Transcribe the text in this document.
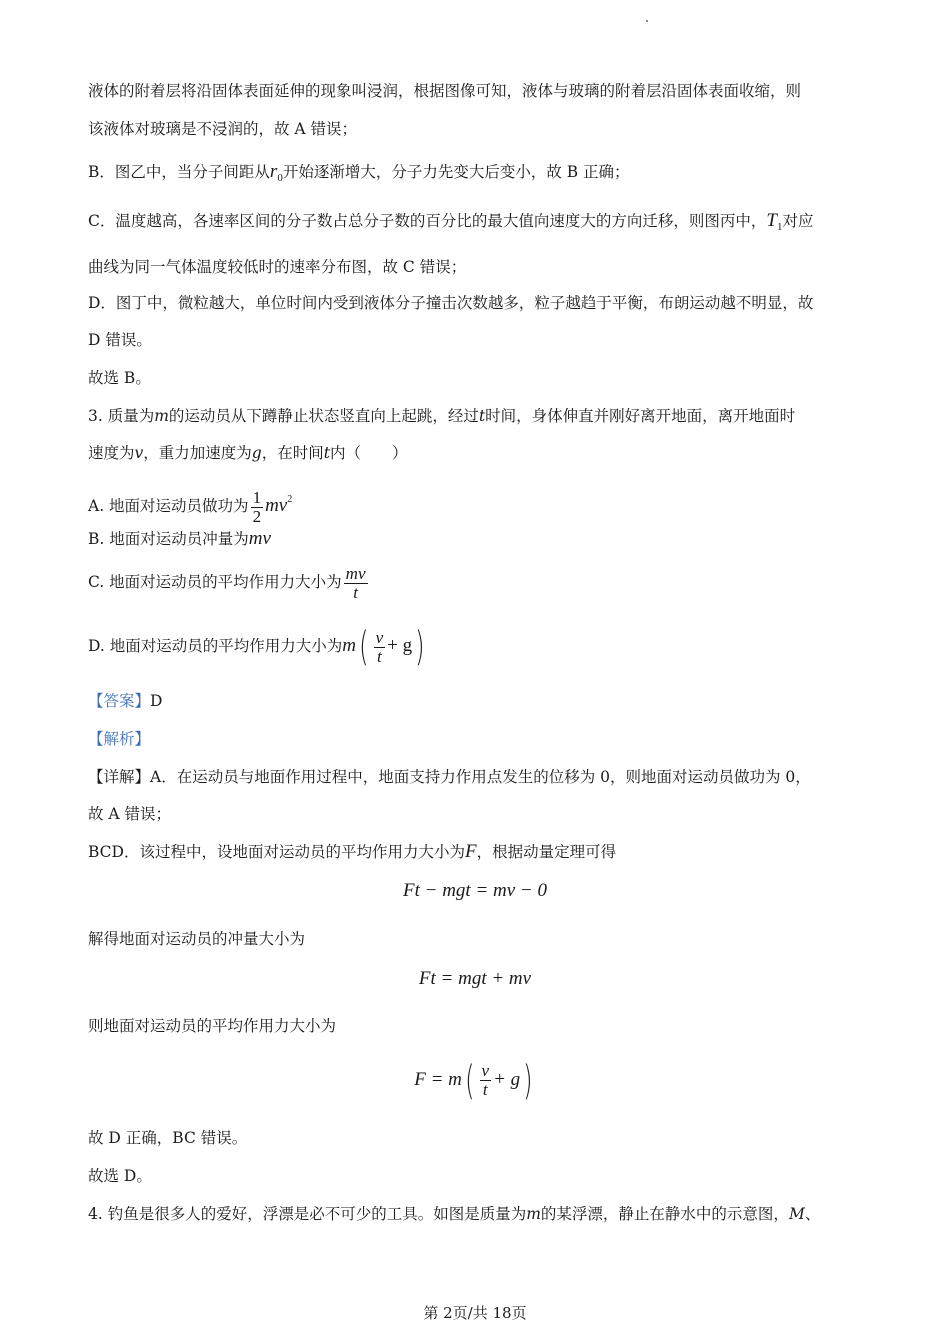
液体的附着层将沿固体表面延伸的现象叫浸润，根据图像可知，液体与玻璃的附着层沿固体表面收缩，则
该液体对玻璃是不浸润的，故 A 错误；
B．图乙中，当分子间距从$r_0$开始逐渐增大，分子力先变大后变小，故 B 正确；
C．温度越高，各速率区间的分子数占总分子数的百分比的最大值向速度大的方向迁移，则图丙中，$T_1$对应
曲线为同一气体温度较低时的速率分布图，故 C 错误；
D．图丁中，微粒越大，单位时间内受到液体分子撞击次数越多，粒子越趋于平衡，布朗运动越不明显，故
D 错误。
故选 B。
3. 质量为m的运动员从下蹲静止状态竖直向上起跳，经过t时间，身体伸直并刚好离开地面，离开地面时
速度为v，重力加速度为g，在时间t内（　　）
A. 地面对运动员做功为 $\frac{1}{2} mv^2$
B. 地面对运动员冲量为mv
C. 地面对运动员的平均作用力大小为 $\frac{mv}{t}$
D. 地面对运动员的平均作用力大小为$m( \frac{v}{t} + g)$
【答案】D
【解析】
【详解】A．在运动员与地面作用过程中，地面支持力作用点发生的位移为 0，则地面对运动员做功为 0，
故 A 错误；
BCD．该过程中，设地面对运动员的平均作用力大小为F，根据动量定理可得
Ft − mgt = mv − 0
解得地面对运动员的冲量大小为
Ft = mgt + mv
则地面对运动员的平均作用力大小为
$F = m( \frac{v}{t} + g)$
故 D 正确，BC 错误。
故选 D。
4. 钓鱼是很多人的爱好，浮漂是必不可少的工具。如图是质量为m的某浮漂，静止在静水中的示意图，M、
第 2页/共 18页
